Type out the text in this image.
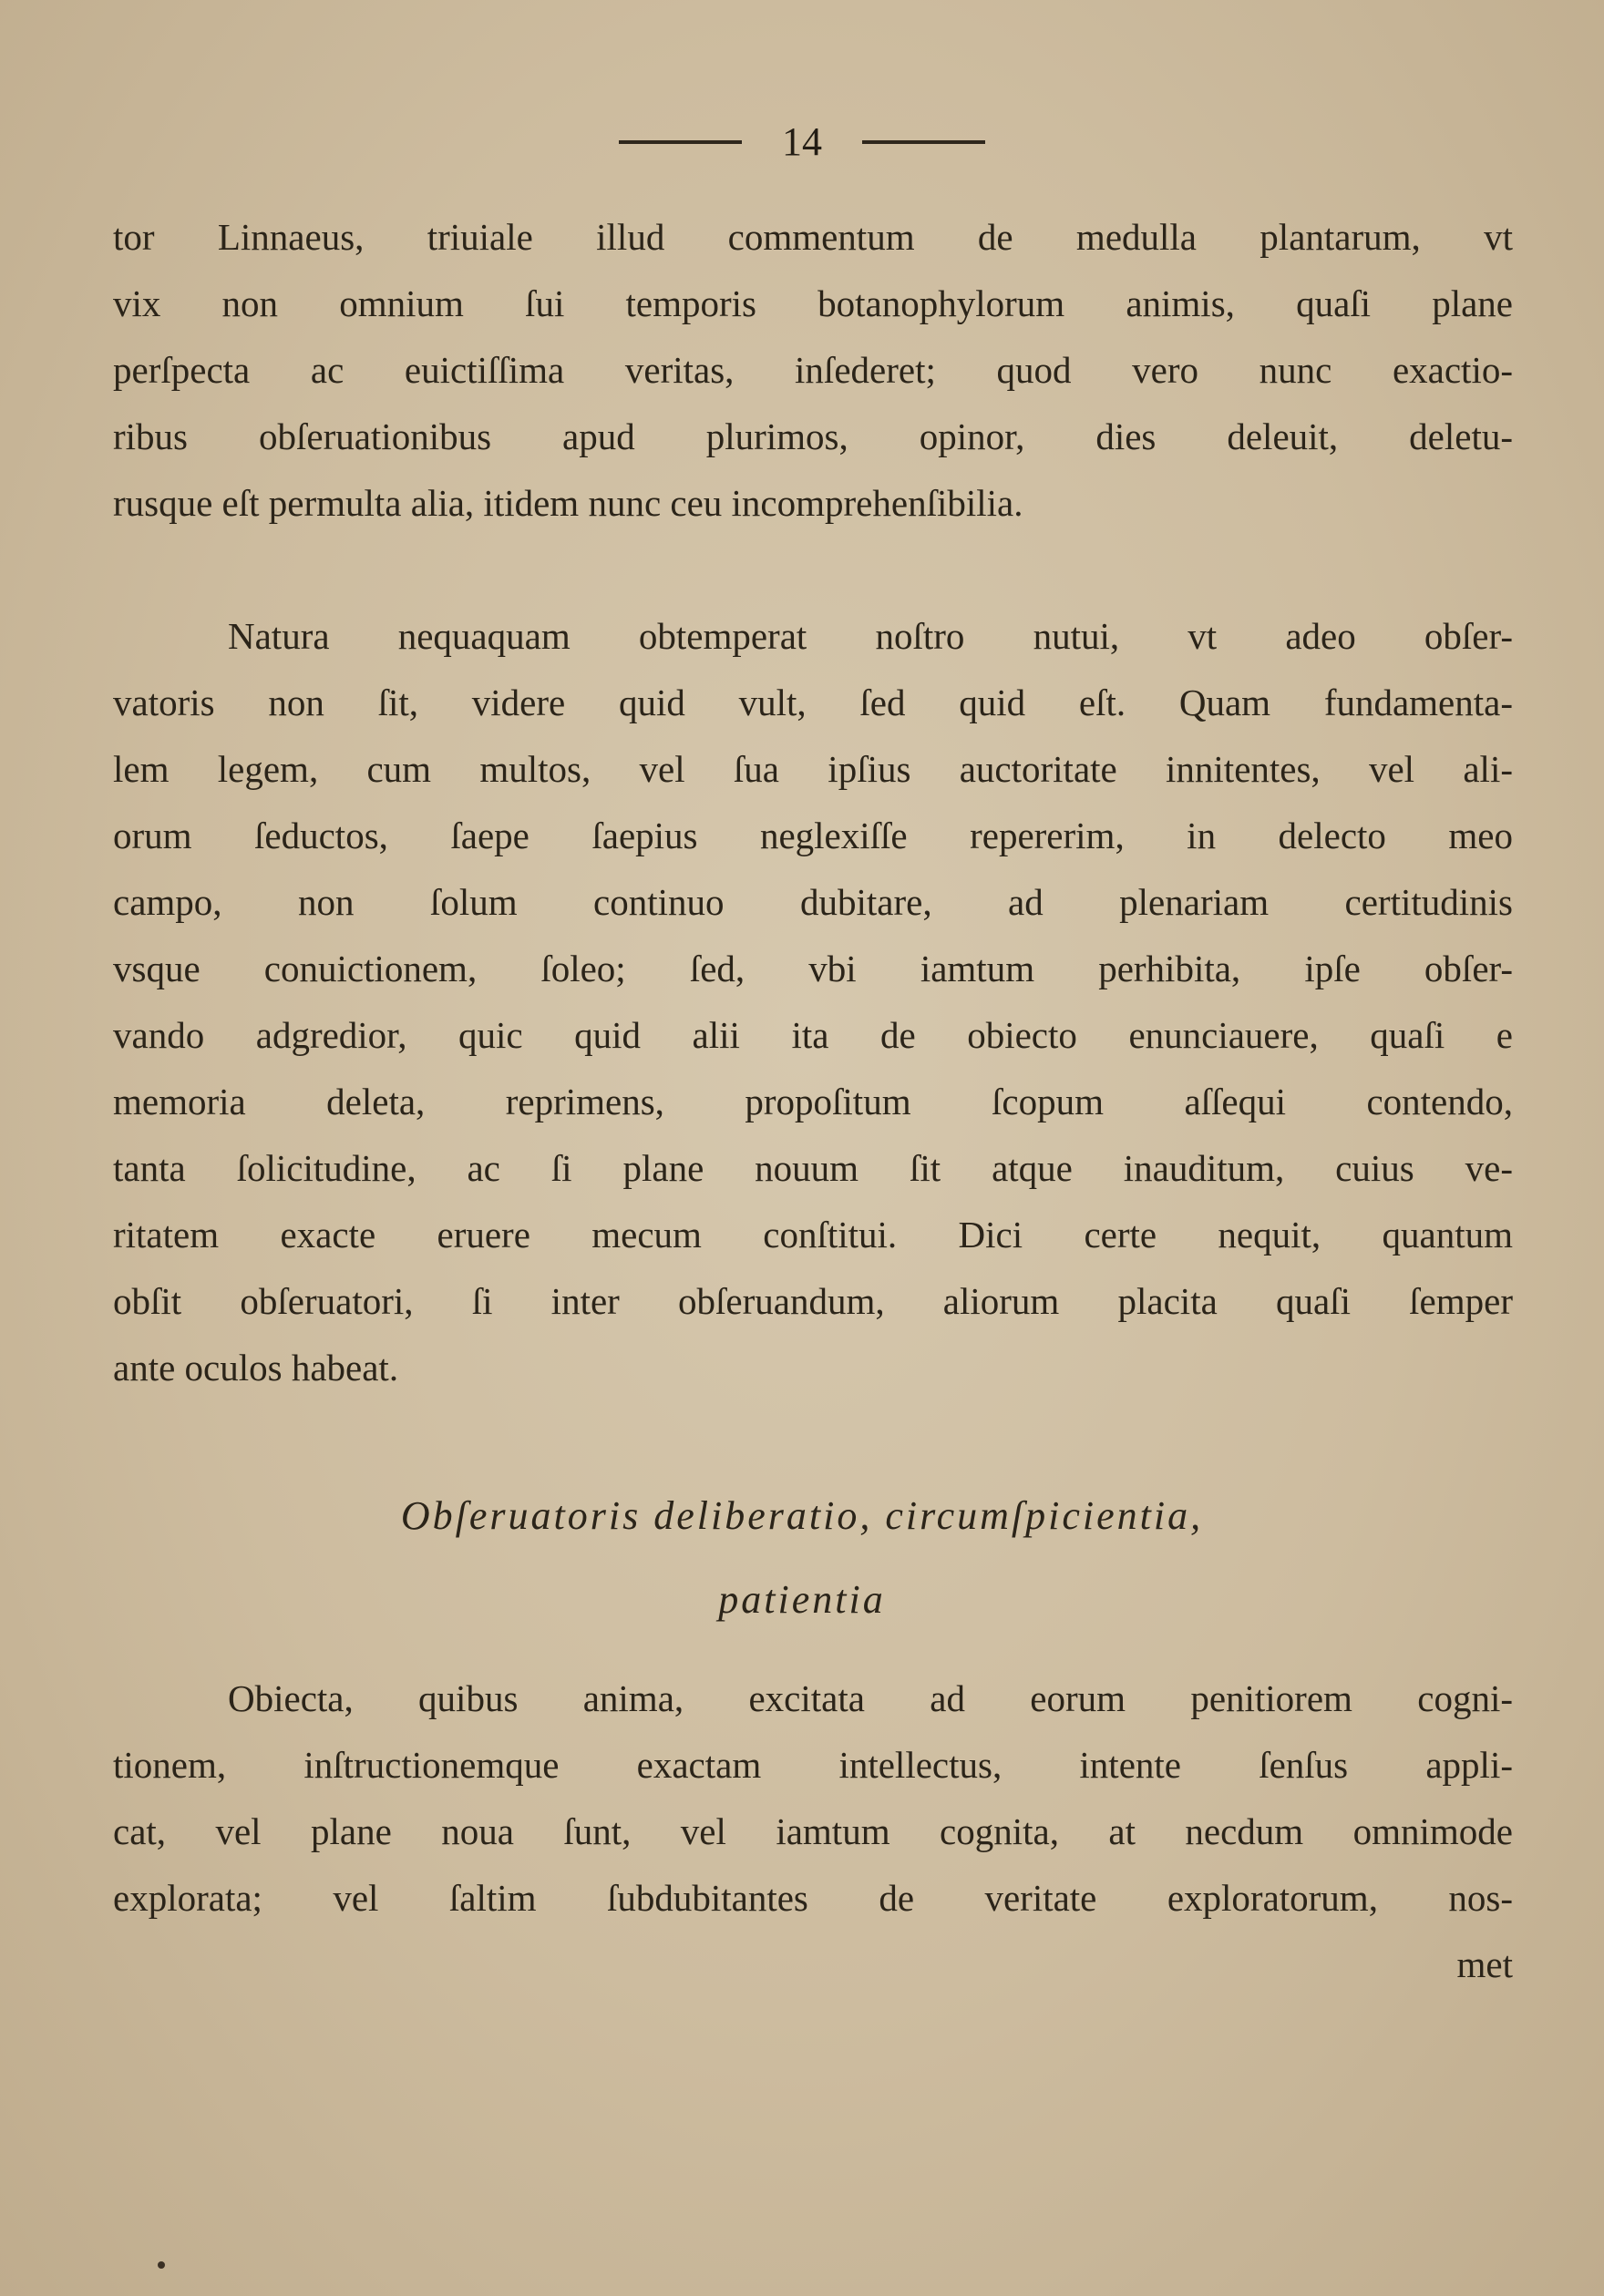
14
tor Linnaeus, triuiale illud commentum de medulla plantarum, vt
vix non omnium ſui temporis botanophylorum animis, quaſi plane
perſpecta ac euictiſſima veritas, inſederet; quod vero nunc exactio-
ribus obſeruationibus apud plurimos, opinor, dies deleuit, deletu-
rusque eſt permulta alia, itidem nunc ceu incomprehenſibilia.
Natura nequaquam obtemperat noſtro nutui, vt adeo obſer-
vatoris non ſit, videre quid vult, ſed quid eſt. Quam fundamenta-
lem legem, cum multos, vel ſua ipſius auctoritate innitentes, vel ali-
orum ſeductos, ſaepe ſaepius neglexiſſe repererim, in delecto meo
campo, non ſolum continuo dubitare, ad plenariam certitudinis
vsque conuictionem, ſoleo; ſed, vbi iamtum perhibita, ipſe obſer-
vando adgredior, quic quid alii ita de obiecto enunciauere, quaſi e
memoria deleta, reprimens, propoſitum ſcopum aſſequi contendo,
tanta ſolicitudine, ac ſi plane nouum ſit atque inauditum, cuius ve-
ritatem exacte eruere mecum conſtitui. Dici certe nequit, quantum
obſit obſeruatori, ſi inter obſeruandum, aliorum placita quaſi ſemper
ante oculos habeat.
Obſeruatoris deliberatio, circumſpicientia,
patientia
Obiecta, quibus anima, excitata ad eorum penitiorem cogni-
tionem, inſtructionemque exactam intellectus, intente ſenſus appli-
cat, vel plane noua ſunt, vel iamtum cognita, at necdum omnimode
explorata; vel ſaltim ſubdubitantes de veritate exploratorum, nos-
met
